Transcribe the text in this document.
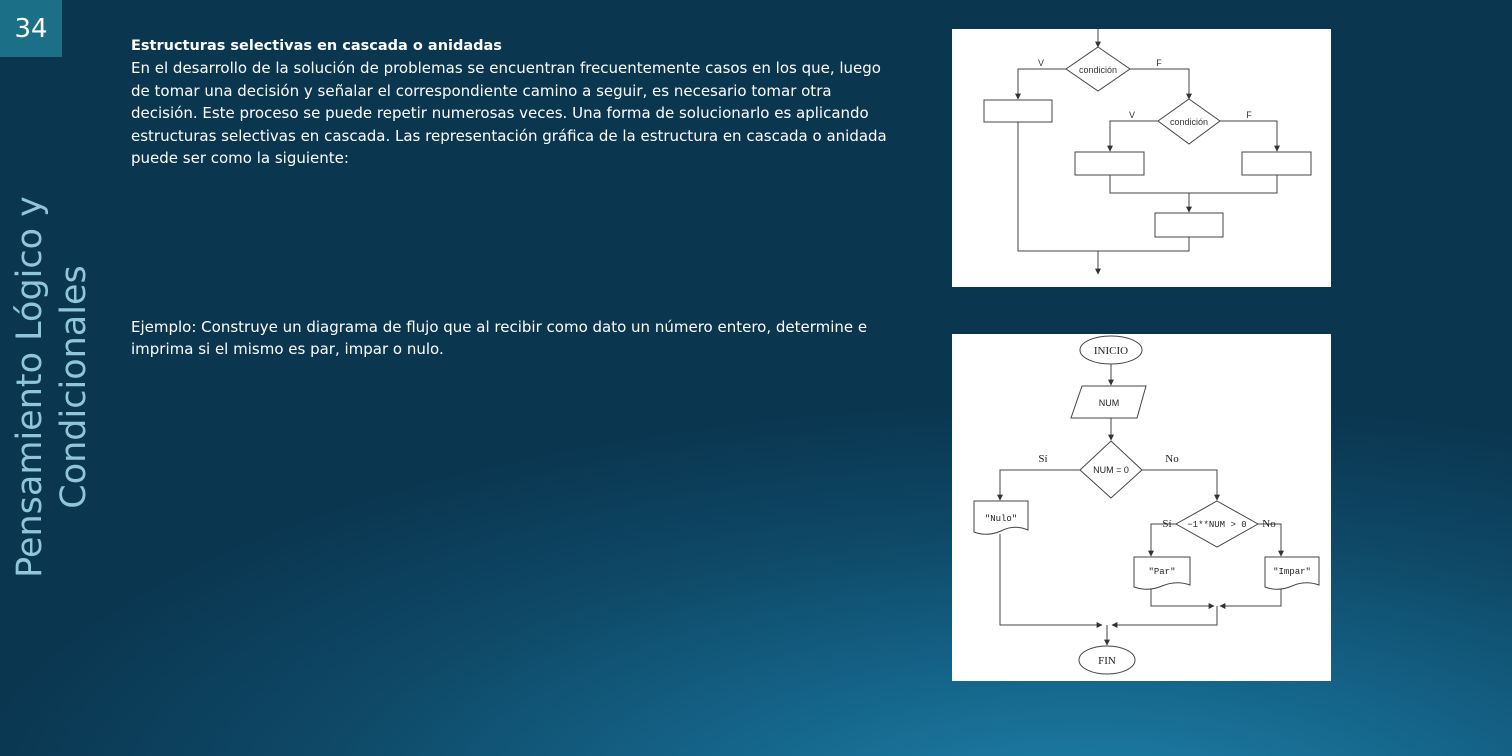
34
Pensamiento Lógico y Condicionales
Estructuras selectivas en cascada o anidadas
En el desarrollo de la solución de problemas se encuentran frecuentemente casos en los que, luego de tomar una decisión y señalar el correspondiente camino a seguir, es necesario tomar otra decisión. Este proceso se puede repetir numerosas veces. Una forma de solucionarlo es aplicando estructuras selectivas en cascada. Las representación gráfica de la estructura en cascada o anidada puede ser como la siguiente:
Ejemplo: Construye un diagrama de flujo que al recibir como dato un número entero, determine e imprima si el mismo es par, impar o nulo.
condición
condición
V	F
V	F
INICIO
NUM
NUM = 0
Sí	No
"Nulo"
−1**NUM > 0
Sí	No
"Par"	"Impar"
FIN
